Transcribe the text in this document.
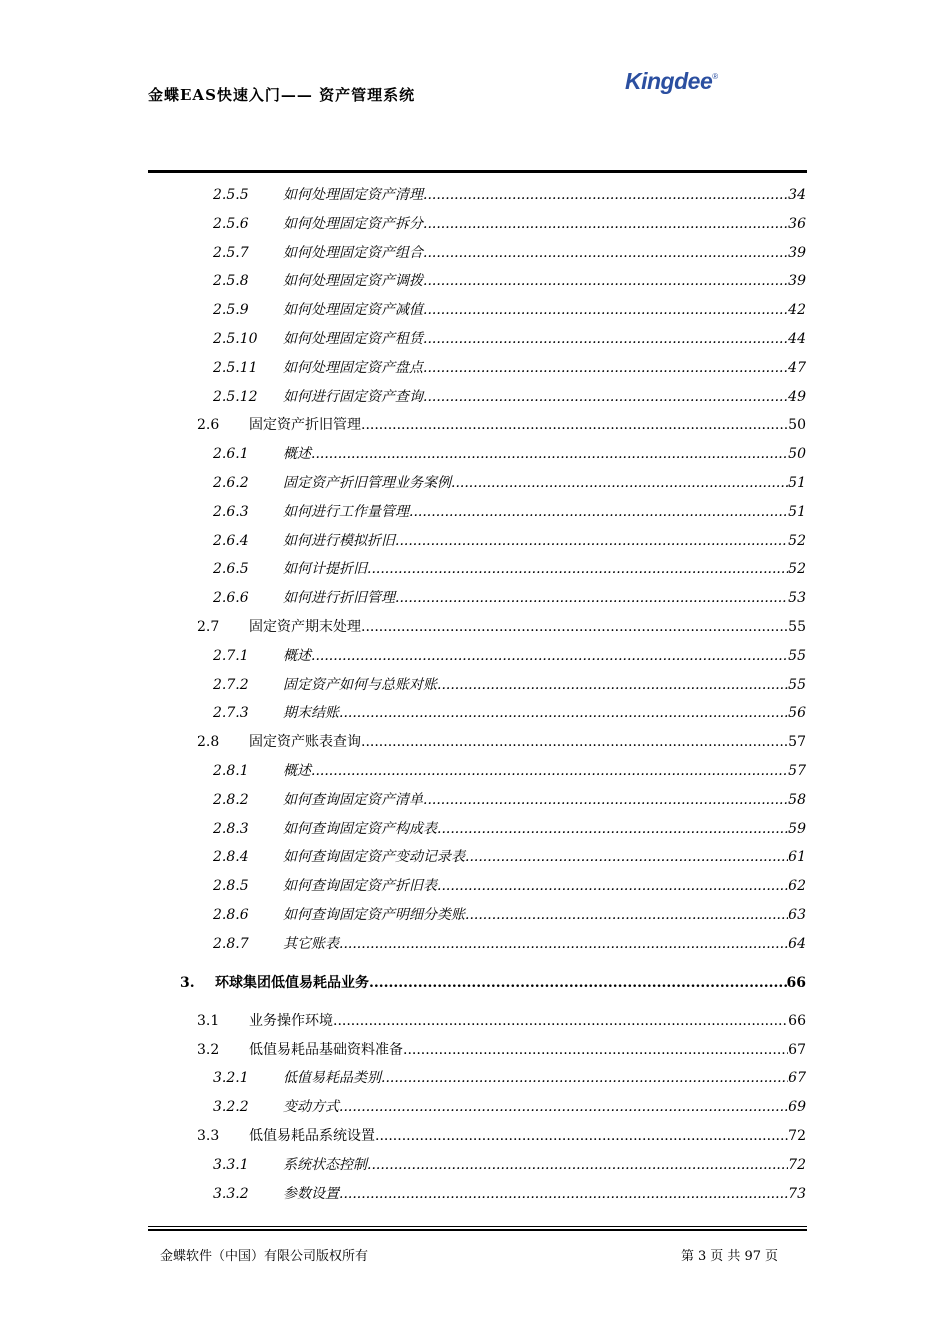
金蝶EAS快速入门—— 资产管理系统
Kingdee®
2.5.5 如何处理固定资产清理 .....	34
2.5.6 如何处理固定资产拆分 .....	36
2.5.7 如何处理固定资产组合 .....	39
2.5.8 如何处理固定资产调拨 .....	39
2.5.9 如何处理固定资产减值 .....	42
2.5.10 如何处理固定资产租赁 .....	44
2.5.11 如何处理固定资产盘点 .....	47
2.5.12 如何进行固定资产查询 .....	49
2.6 固定资产折旧管理 .....	50
2.6.1 概述 .....	50
2.6.2 固定资产折旧管理业务案例 .....	51
2.6.3 如何进行工作量管理 .....	51
2.6.4 如何进行模拟折旧 .....	52
2.6.5 如何计提折旧 .....	52
2.6.6 如何进行折旧管理 .....	53
2.7 固定资产期末处理 .....	55
2.7.1 概述 .....	55
2.7.2 固定资产如何与总账对账 .....	55
2.7.3 期末结账 .....	56
2.8 固定资产账表查询 .....	57
2.8.1 概述 .....	57
2.8.2 如何查询固定资产清单 .....	58
2.8.3 如何查询固定资产构成表 .....	59
2.8.4 如何查询固定资产变动记录表 .....	61
2.8.5 如何查询固定资产折旧表 .....	62
2.8.6 如何查询固定资产明细分类账 .....	63
2.8.7 其它账表 .....	64
3. 环球集团低值易耗品业务 .....	66
3.1 业务操作环境 .....	66
3.2 低值易耗品基础资料准备 .....	67
3.2.1 低值易耗品类别 .....	67
3.2.2 变动方式 .....	69
3.3 低值易耗品系统设置 .....	72
3.3.1 系统状态控制 .....	72
3.3.2 参数设置 .....	73
金蝶软件（中国）有限公司版权所有	第 3 页 共 97 页
